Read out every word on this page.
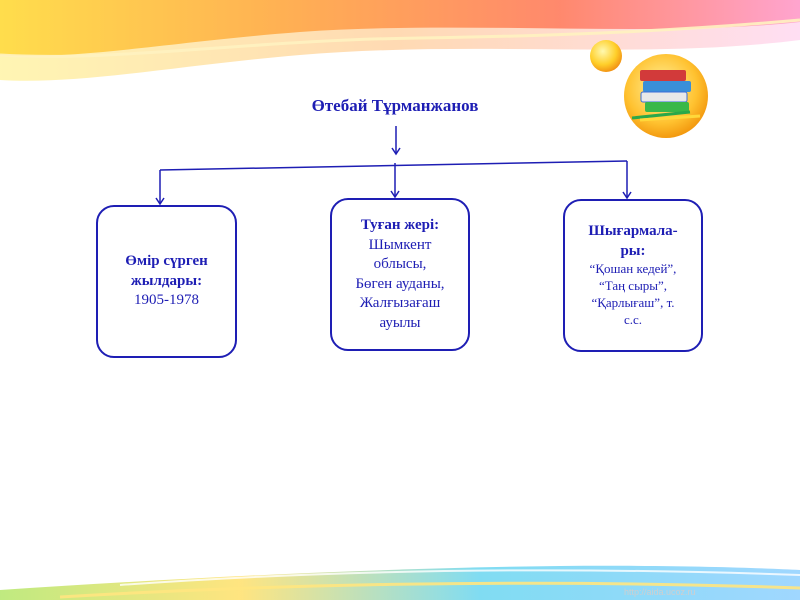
Өтебай Тұрманжанов
Өмір сүрген жылдары:
1905-1978
Туған жері:
Шымкент
облысы,
Бөген ауданы,
Жалғызағаш
ауылы
Шығармала-
ры:
“Қошан кедей”,
“Таң сыры”,
“Қарлығаш”, т.
с.с.
http://aida.ucoz.ru
